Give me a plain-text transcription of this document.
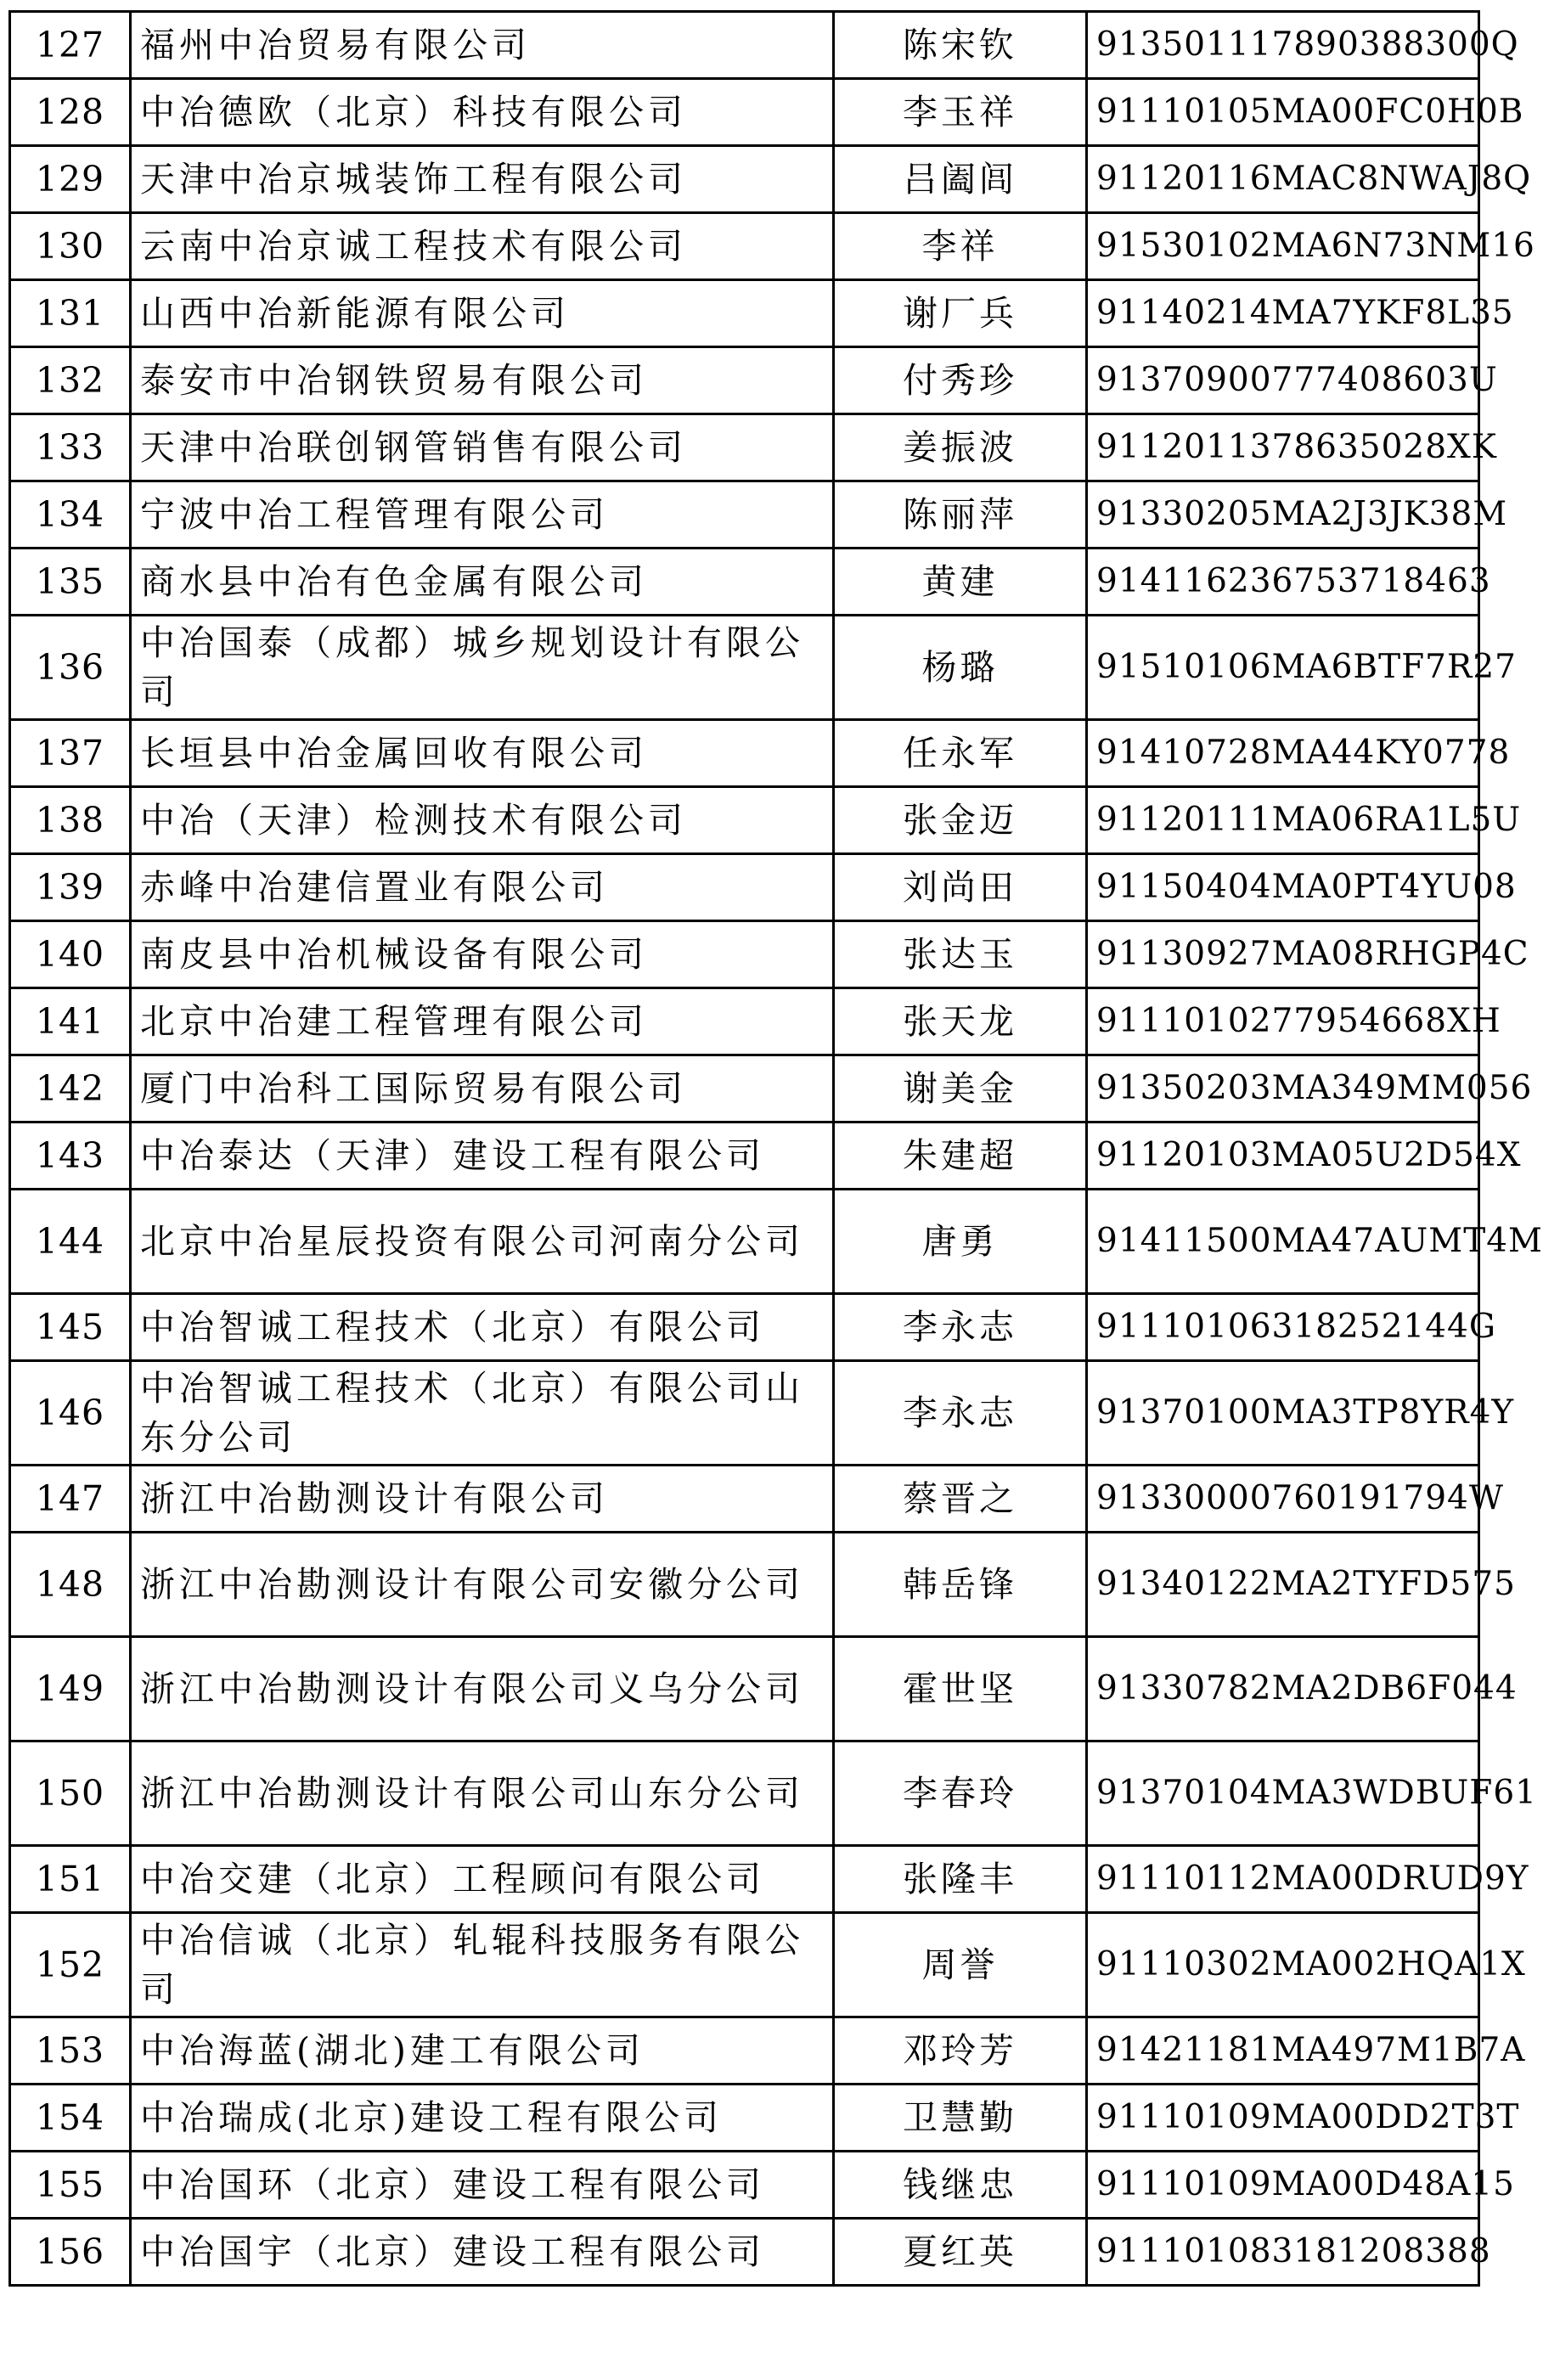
127	福州中冶贸易有限公司	陈宋钦	913501117890388300Q
128	中冶德欧（北京）科技有限公司	李玉祥	91110105MA00FC0H0B
129	天津中冶京城装饰工程有限公司	吕阖闾	91120116MAC8NWAJ8Q
130	云南中冶京诚工程技术有限公司	李祥	91530102MA6N73NM16
131	山西中冶新能源有限公司	谢厂兵	91140214MA7YKF8L35
132	泰安市中冶钢铁贸易有限公司	付秀珍	91370900777408603U
133	天津中冶联创钢管销售有限公司	姜振波	91120113786350​28XK
134	宁波中冶工程管理有限公司	陈丽萍	91330205MA2J3JK38M
135	商水县中冶有色金属有限公司	黄建	914116236753718463
136	中冶国泰（成都）城乡规划设计有限公司	杨璐	91510106MA6BTF7R27
137	长垣县中冶金属回收有限公司	任永军	91410728MA44KY0778
138	中冶（天津）检测技术有限公司	张金迈	91120111MA06RA1L5U
139	赤峰中冶建信置业有限公司	刘尚田	91150404MA0PT4YU08
140	南皮县中冶机械设备有限公司	张达玉	91130927MA08RHGP4C
141	北京中冶建工程管理有限公司	张天龙	911101027795466​8XH
142	厦门中冶科工国际贸易有限公司	谢美金	91350203MA349MM056
143	中冶泰达（天津）建设工程有限公司	朱建超	91120103MA05U2D54X
144	北京中冶星辰投资有限公司河南分公司	唐勇	91411500MA47AUMT4M
145	中冶智诚工程技术（北京）有限公司	李永志	91110106318252144G
146	中冶智诚工程技术（北京）有限公司山东分公司	李永志	91370100MA3TP8YR4Y
147	浙江中冶勘测设计有限公司	蔡晋之	91330000760191794W
148	浙江中冶勘测设计有限公司安徽分公司	韩岳锋	91340122MA2TYFD575
149	浙江中冶勘测设计有限公司义乌分公司	霍世坚	91330782MA2DB6F044
150	浙江中冶勘测设计有限公司山东分公司	李春玲	91370104MA3WDBUF61
151	中冶交建（北京）工程顾问有限公司	张隆丰	91110112MA00DRUD9Y
152	中冶信诚（北京）轧辊科技服务有限公司	周誉	91110302MA002HQA1X
153	中冶海蓝(湖北)建工有限公司	邓玲芳	91421181MA497M1B7A
154	中冶瑞成(北京)建设工程有限公司	卫慧勤	91110109MA00DD2T3T
155	中冶国环（北京）建设工程有限公司	钱继忠	91110109MA00D48A15
156	中冶国宇（北京）建设工程有限公司	夏红英	911101083181208388
